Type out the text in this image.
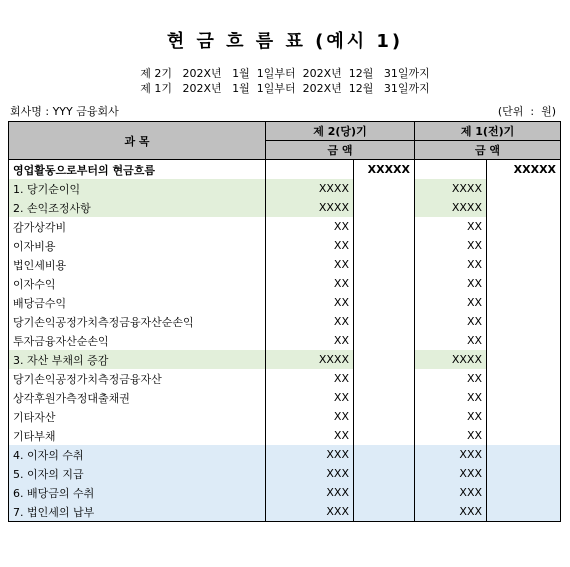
현 금 흐 름 표 (예시 1)
제 2기   202X년   1월  1일부터  202X년  12월   31일까지
제 1기   202X년   1월  1일부터  202X년  12월   31일까지
회사명 : YYY 금융회사	(단위  :  원)
과 목	제 2(당)기		제 1(전)기	
	금 액		금 액	
영업활동으로부터의 현금흐름		XXXXX		XXXXX
1. 당기순이익	XXXX		XXXX	
2. 손익조정사항	XXXX		XXXX	
감가상각비	XX		XX	
이자비용	XX		XX	
법인세비용	XX		XX	
이자수익	XX		XX	
배당금수익	XX		XX	
당기손익공정가치측정금융자산순손익	XX		XX	
투자금융자산순손익	XX		XX	
3. 자산 부채의 증감	XXXX		XXXX	
당기손익공정가치측정금융자산	XX		XX	
상각후원가측정대출채권	XX		XX	
기타자산	XX		XX	
기타부채	XX		XX	
4. 이자의 수취	XXX		XXX	
5. 이자의 지급	XXX		XXX	
6. 배당금의 수취	XXX		XXX	
7. 법인세의 납부	XXX		XXX	
